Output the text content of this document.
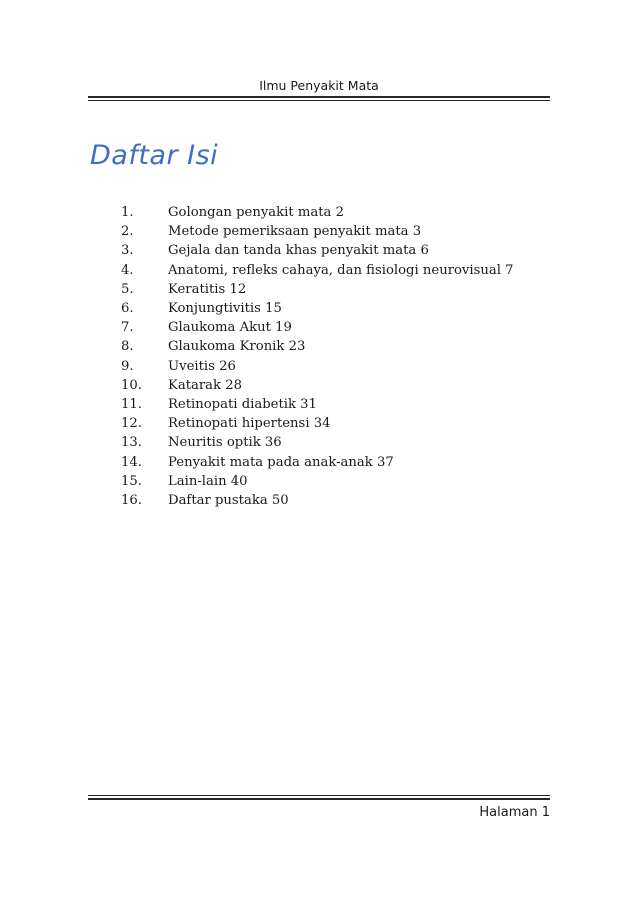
Ilmu Penyakit Mata
Daftar Isi
1.	Golongan penyakit mata 2
2.	Metode pemeriksaan penyakit mata 3
3.	Gejala dan tanda khas penyakit mata 6
4.	Anatomi, refleks cahaya, dan fisiologi neurovisual 7
5.	Keratitis 12
6.	Konjungtivitis 15
7.	Glaukoma Akut 19
8.	Glaukoma Kronik 23
9.	Uveitis 26
10.	Katarak 28
11.	Retinopati diabetik 31
12.	Retinopati hipertensi 34
13.	Neuritis optik 36
14.	Penyakit mata pada anak-anak 37
15.	Lain-lain 40
16.	Daftar pustaka 50
Halaman 1
